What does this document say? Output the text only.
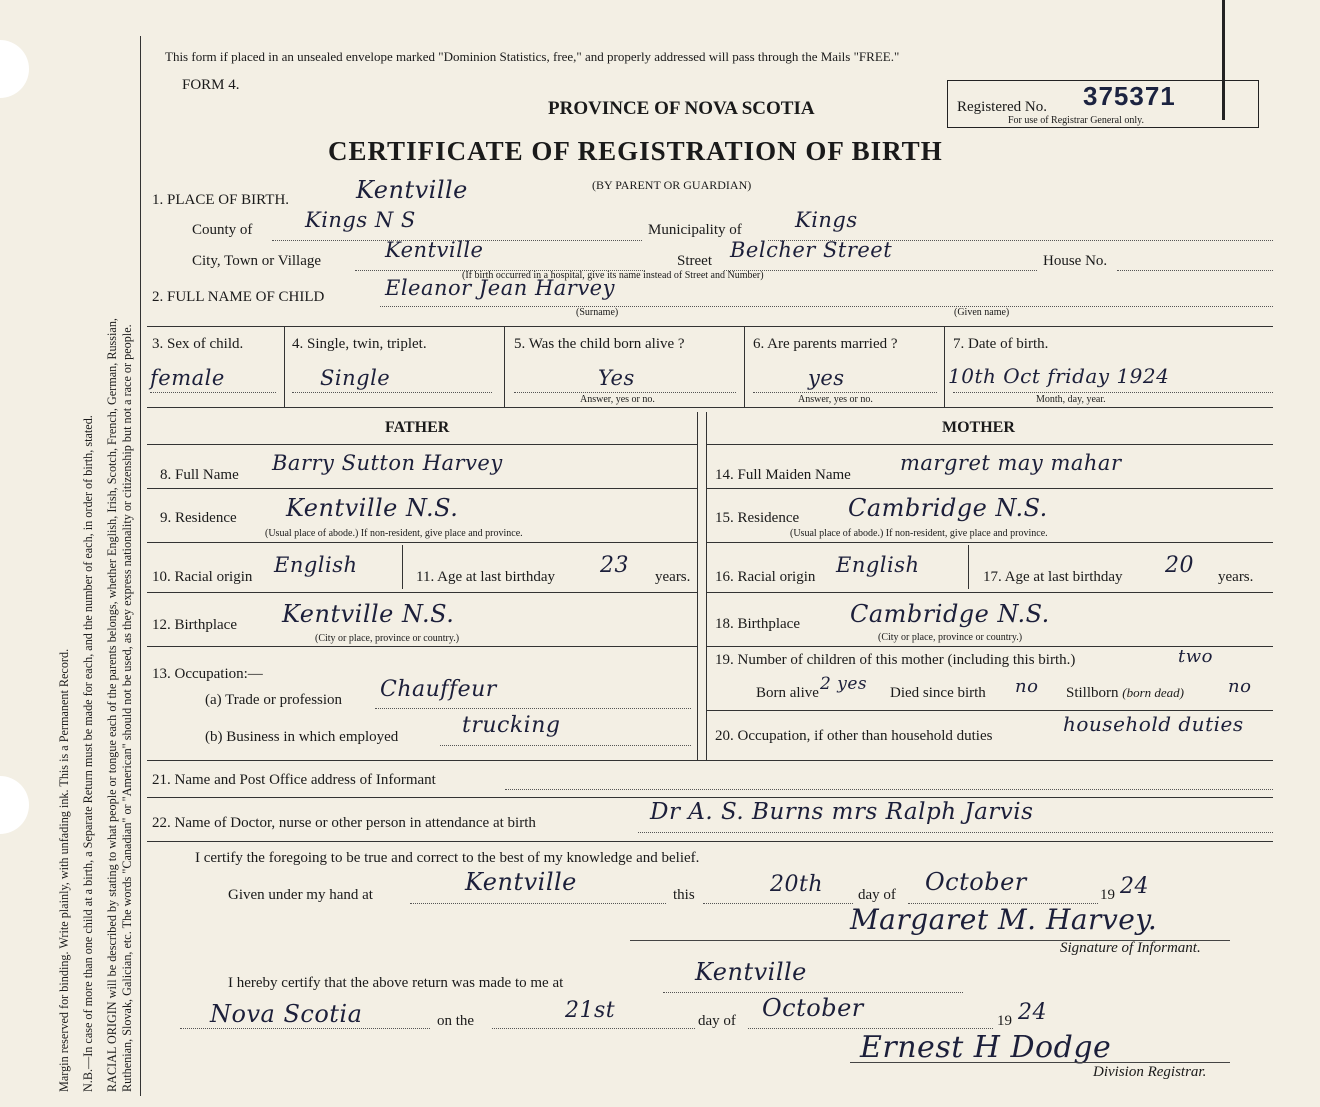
Margin reserved for binding. Write plainly, with unfading ink. This is a Permanent Record. N.B.—In case of more than one child at a birth, a Separate Return must be made for each, and the number of each, in order of birth, stated. RACIAL ORIGIN will be described by stating to what people or tongue each of the parents belongs, whether English, Irish, Scotch, French, German, Russian, Ruthenian, Slovak, Galician, etc. The words "Canadian" or "American" should not be used, as they express nationality or citizenship but not a race or people.
This form if placed in an unsealed envelope marked "Dominion Statistics, free," and properly addressed will pass through the Mails "FREE."
FORM 4.
PROVINCE OF NOVA SCOTIA	Registered No. 375371
For use of Registrar General only.
CERTIFICATE OF REGISTRATION OF BIRTH
(BY PARENT OR GUARDIAN)
1. PLACE OF BIRTH.	Kentville
County of	Kings N S	Municipality of	Kings
City, Town or Village	Kentville	Street Belcher Street	House No.
(If birth occurred in a hospital, give its name instead of Street and Number)
2. FULL NAME OF CHILD	Eleanor Jean Harvey
(Surname)	(Given name)
3. Sex of child.
female
4. Single, twin, triplet.
Single
5. Was the child born alive ?
Yes
Answer, yes or no.
6. Are parents married ?
yes
Answer, yes or no.
7. Date of birth.
10th Oct friday 1924
Month, day, year.
FATHER	MOTHER
8. Full Name Barry Sutton Harvey
9. Residence Kentville N.S.
(Usual place of abode.) If non-resident, give place and province.
10. Racial origin English	11. Age at last birthday 23 years.
12. Birthplace Kentville N.S.
(City or place, province or country.)
13. Occupation:—
(a) Trade or profession Chauffeur
(b) Business in which employed	trucking
14. Full Maiden Name margret may mahar
15. Residence Cambridge N.S.
(Usual place of abode.) If non-resident, give place and province.
16. Racial origin English	17. Age at last birthday 20 years.
18. Birthplace Cambridge N.S.
(City or place, province or country.)
19. Number of children of this mother (including this birth.)	two
Born alive 2 yes Died since birth no Stillborn (born dead) no
20. Occupation, if other than household duties	household duties
21. Name and Post Office address of Informant
22. Name of Doctor, nurse or other person in attendance at birth	Dr A. S. Burns mrs Ralph Jarvis
I certify the foregoing to be true and correct to the best of my knowledge and belief.
Given under my hand at	Kentville	this	20th day of October	19 24
Margaret M. Harvey.
Signature of Informant.
I hereby certify that the above return was made to me at	Kentville
Nova Scotia	on the	21st	day of October	19 24
Ernest H Dodge
Division Registrar.
